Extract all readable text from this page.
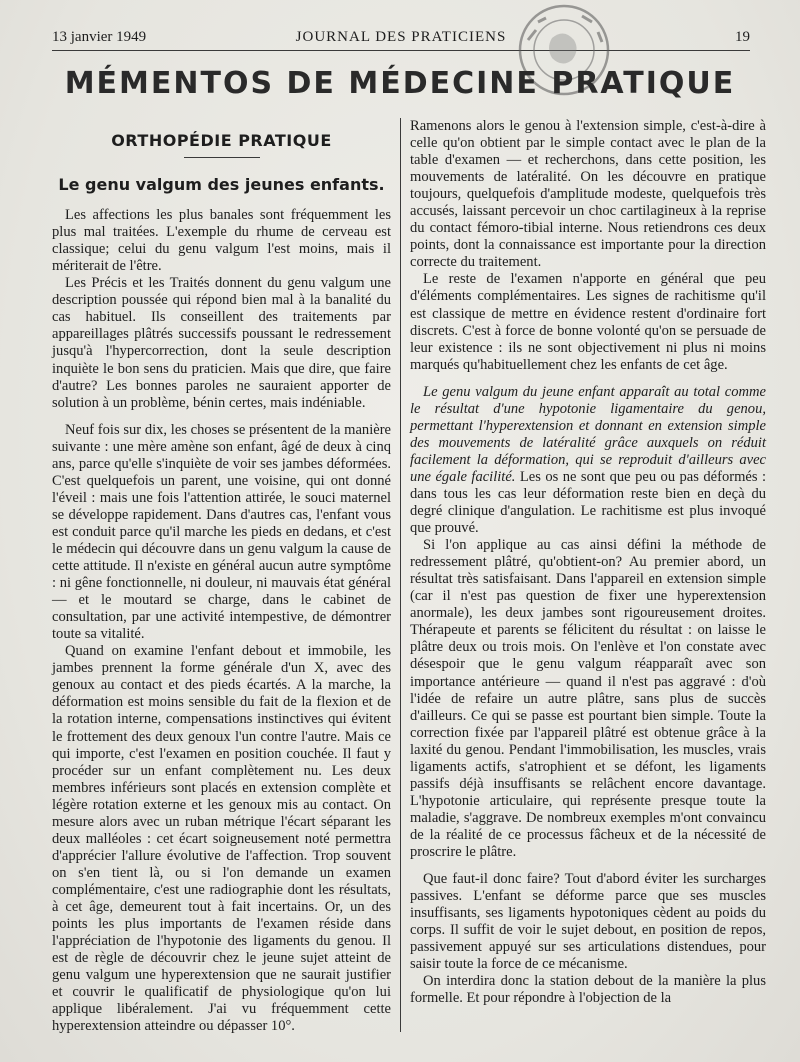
13 janvier 1949	JOURNAL DES PRATICIENS	19
MÉMENTOS DE MÉDECINE PRATIQUE
ORTHOPÉDIE PRATIQUE
Le genu valgum des jeunes enfants.

Les affections les plus banales sont fréquemment les plus mal traitées. L'exemple du rhume de cerveau est classique; celui du genu valgum l'est moins, mais il mériterait de l'être.

Les Précis et les Traités donnent du genu valgum une description poussée qui répond bien mal à la banalité du cas habituel. Ils conseillent des traitements par appareillages plâtrés successifs poussant le redressement jusqu'à l'hypercorrection, dont la seule description inquiète le bon sens du praticien. Mais que dire, que faire d'autre? Les bonnes paroles ne sauraient apporter de solution à un problème, bénin certes, mais indéniable.

Neuf fois sur dix, les choses se présentent de la manière suivante : une mère amène son enfant, âgé de deux à cinq ans, parce qu'elle s'inquiète de voir ses jambes déformées. C'est quelquefois un parent, une voisine, qui ont donné l'éveil : mais une fois l'attention attirée, le souci maternel se développe rapidement. Dans d'autres cas, l'enfant vous est conduit parce qu'il marche les pieds en dedans, et c'est le médecin qui découvre dans un genu valgum la cause de cette attitude. Il n'existe en général aucun autre symptôme : ni gêne fonctionnelle, ni douleur, ni mauvais état général — et le moutard se charge, dans le cabinet de consultation, par une activité intempestive, de démontrer toute sa vitalité.

Quand on examine l'enfant debout et immobile, les jambes prennent la forme générale d'un X, avec des genoux au contact et des pieds écartés. A la marche, la déformation est moins sensible du fait de la flexion et de la rotation interne, compensations instinctives qui évitent le frottement des deux genoux l'un contre l'autre. Mais ce qui importe, c'est l'examen en position couchée. Il faut y procéder sur un enfant complètement nu. Les deux membres inférieurs sont placés en extension complète et légère rotation externe et les genoux mis au contact. On mesure alors avec un ruban métrique l'écart séparant les deux malléoles : cet écart soigneusement noté permettra d'apprécier l'allure évolutive de l'affection. Trop souvent on s'en tient là, ou si l'on demande un examen complémentaire, c'est une radiographie dont les résultats, à cet âge, demeurent tout à fait incertains. Or, un des points les plus importants de l'examen réside dans l'appréciation de l'hypotonie des ligaments du genou. Il est de règle de découvrir chez le jeune sujet atteint de genu valgum une hyperextension que ne saurait justifier et couvrir le qualificatif de physiologique qu'on lui applique libéralement. J'ai vu fréquemment cette hyperextension atteindre ou dépasser 10°.

Ramenons alors le genou à l'extension simple, c'est-à-dire à celle qu'on obtient par le simple contact avec le plan de la table d'examen — et recherchons, dans cette position, les mouvements de latéralité. On les découvre en pratique toujours, quelquefois d'amplitude modeste, quelquefois très accusés, laissant percevoir un choc cartilagineux à la reprise du contact fémoro-tibial interne. Nous retiendrons ces deux points, dont la connaissance est importante pour la direction correcte du traitement.

Le reste de l'examen n'apporte en général que peu d'éléments complémentaires. Les signes de rachitisme qu'il est classique de mettre en évidence restent d'ordinaire fort discrets. C'est à force de bonne volonté qu'on se persuade de leur existence : ils ne sont objectivement ni plus ni moins marqués qu'habituellement chez les enfants de cet âge.

Le genu valgum du jeune enfant apparaît au total comme le résultat d'une hypotonie ligamentaire du genou, permettant l'hyperextension et donnant en extension simple des mouvements de latéralité grâce auxquels on réduit facilement la déformation, qui se reproduit d'ailleurs avec une égale facilité. Les os ne sont que peu ou pas déformés : dans tous les cas leur déformation reste bien en deçà du degré clinique d'angulation. Le rachitisme est plus invoqué que prouvé.

Si l'on applique au cas ainsi défini la méthode de redressement plâtré, qu'obtient-on? Au premier abord, un résultat très satisfaisant. Dans l'appareil en extension simple (car il n'est pas question de fixer une hyperextension anormale), les deux jambes sont rigoureusement droites. Thérapeute et parents se félicitent du résultat : on laisse le plâtre deux ou trois mois. On l'enlève et l'on constate avec désespoir que le genu valgum réapparaît avec son importance antérieure — quand il n'est pas aggravé : d'où l'idée de refaire un autre plâtre, sans plus de succès d'ailleurs. Ce qui se passe est pourtant bien simple. Toute la correction fixée par l'appareil plâtré est obtenue grâce à la laxité du genou. Pendant l'immobilisation, les muscles, vrais ligaments actifs, s'atrophient et se défont, les ligaments passifs déjà insuffisants se relâchent encore davantage. L'hypotonie articulaire, qui représente presque toute la maladie, s'aggrave. De nombreux exemples m'ont convaincu de la réalité de ce processus fâcheux et de la nécessité de proscrire le plâtre.

Que faut-il donc faire? Tout d'abord éviter les surcharges passives. L'enfant se déforme parce que ses muscles insuffisants, ses ligaments hypotoniques cèdent au poids du corps. Il suffit de voir le sujet debout, en position de repos, passivement appuyé sur ses articulations distendues, pour saisir toute la force de ce mécanisme.

On interdira donc la station debout de la manière la plus formelle. Et pour répondre à l'objection de la
